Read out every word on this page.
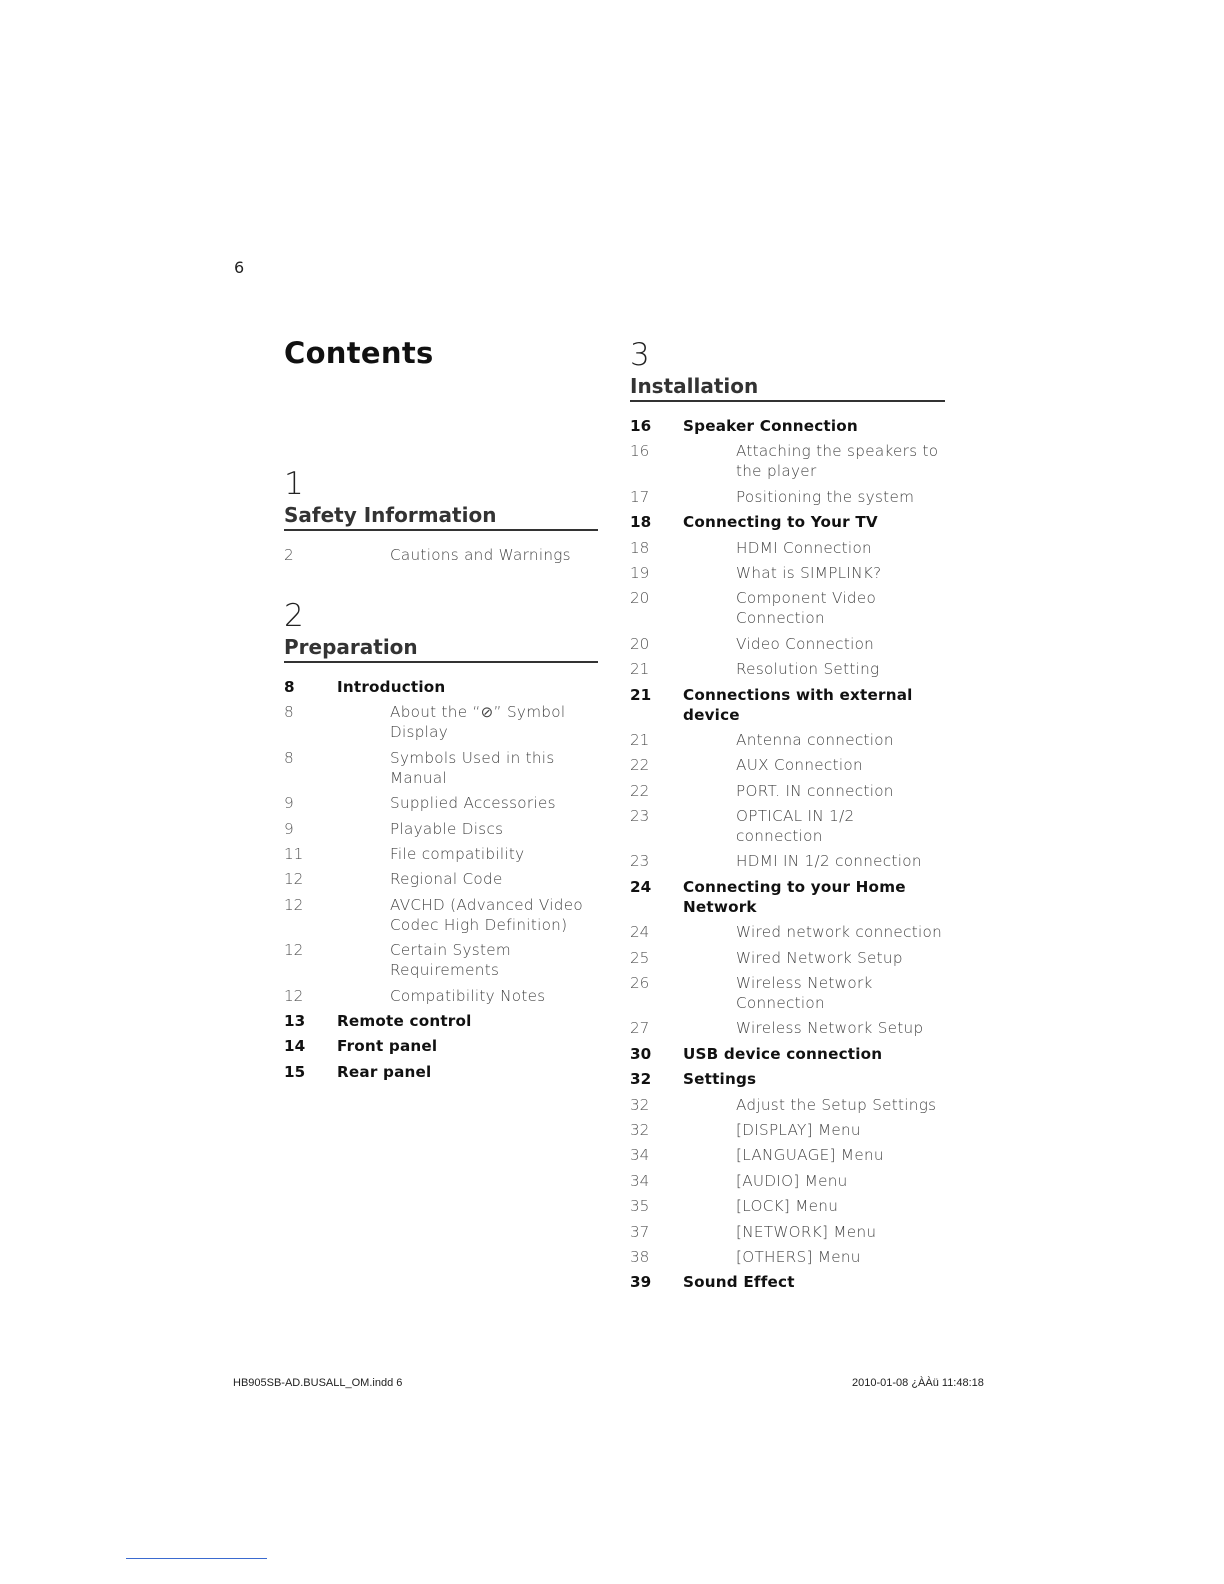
6
Contents
1
Safety Information
2	Cautions and Warnings
2
Preparation
8	Introduction
8	About the “⊘” Symbol Display
8	Symbols Used in this Manual
9	Supplied Accessories
9	Playable Discs
11	File compatibility
12	Regional Code
12	AVCHD (Advanced Video Codec High Definition)
12	Certain System Requirements
12	Compatibility Notes
13	Remote control
14	Front panel
15	Rear panel
3
Installation
16	Speaker Connection
16	Attaching the speakers to the player
17	Positioning the system
18	Connecting to Your TV
18	HDMI Connection
19	What is SIMPLINK?
20	Component Video Connection
20	Video Connection
21	Resolution Setting
21	Connections with external device
21	Antenna connection
22	AUX Connection
22	PORT. IN connection
23	OPTICAL IN 1/2 connection
23	HDMI IN 1/2 connection
24	Connecting to your Home Network
24	Wired network connection
25	Wired Network Setup
26	Wireless Network Connection
27	Wireless Network Setup
30	USB device connection
32	Settings
32	Adjust the Setup Settings
32	[DISPLAY] Menu
34	[LANGUAGE] Menu
34	[AUDIO] Menu
35	[LOCK] Menu
37	[NETWORK] Menu
38	[OTHERS] Menu
39	Sound Effect
HB905SB-AD.BUSALL_OM.indd 6	2010-01-08 ¿ÀÀü 11:48:18
